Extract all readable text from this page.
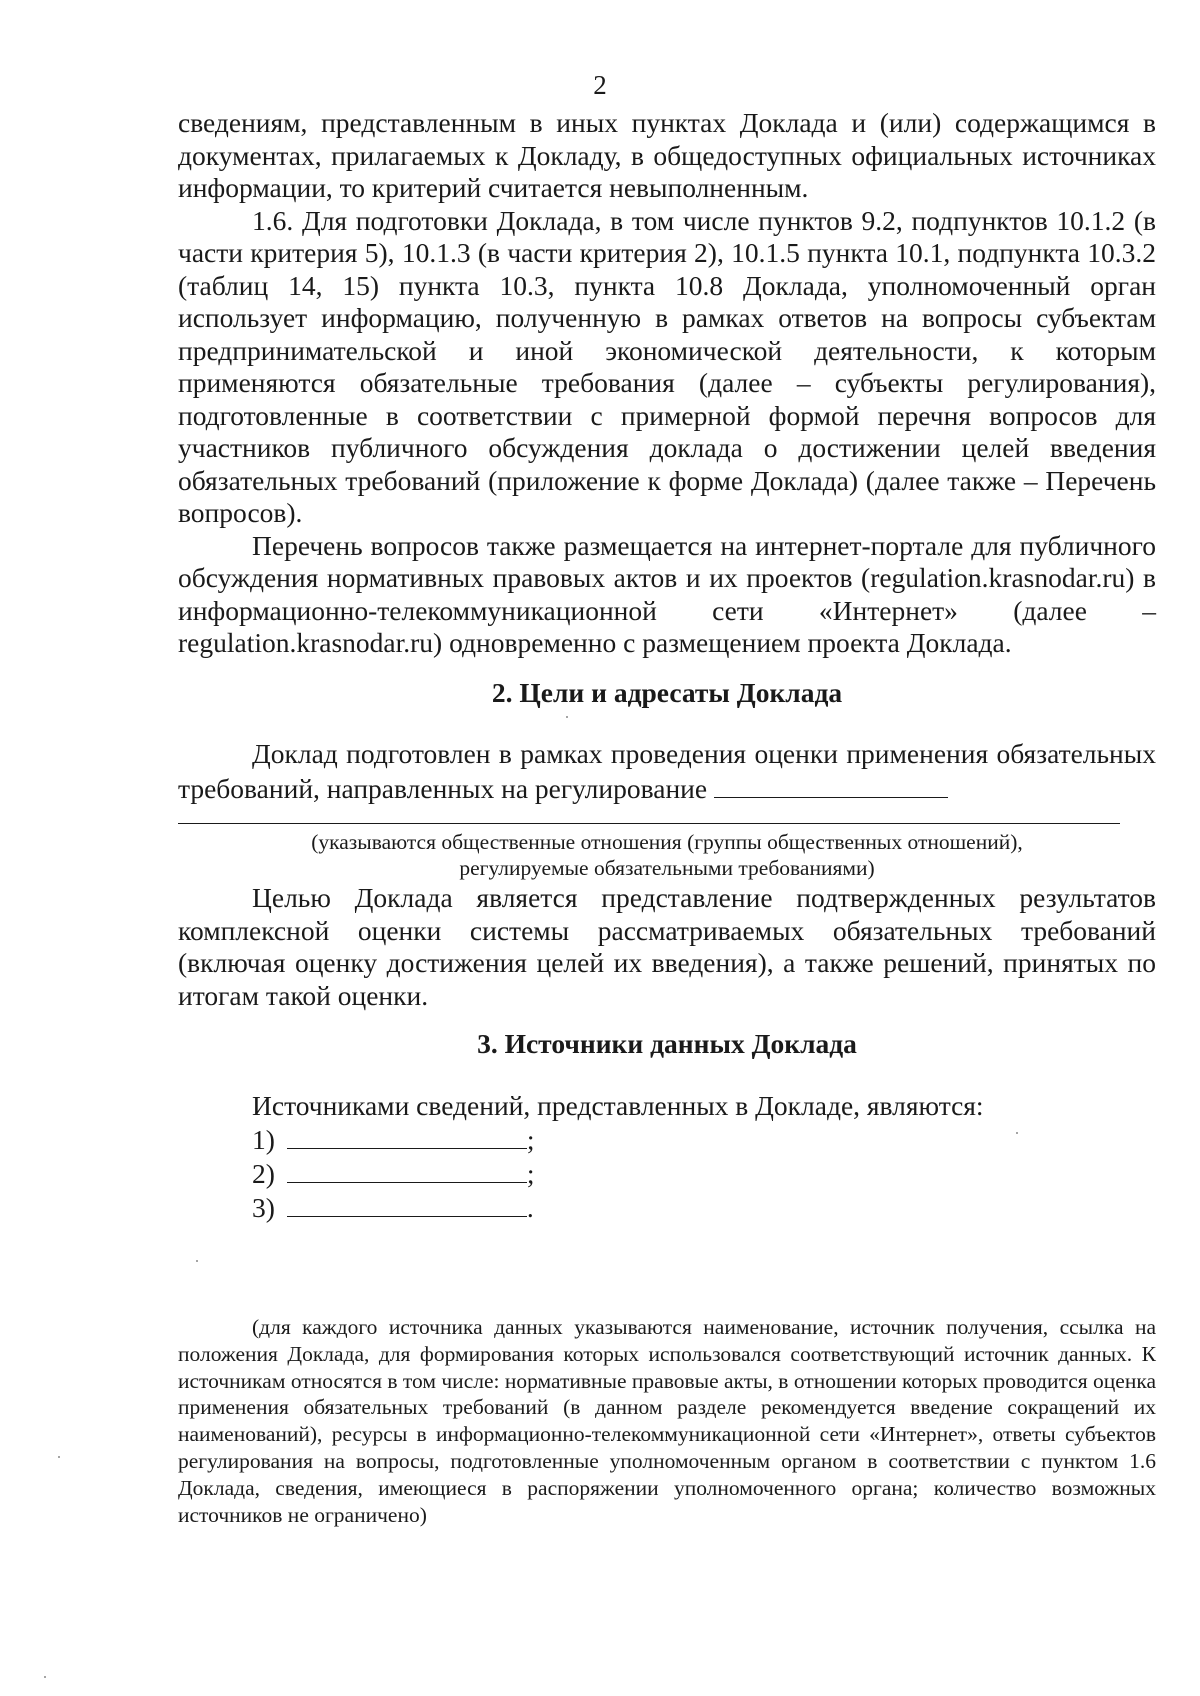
2

сведениям, представленным в иных пунктах Доклада и (или) содержащимся в документах, прилагаемых к Докладу, в общедоступных официальных источниках информации, то критерий считается невыполненным.

1.6. Для подготовки Доклада, в том числе пунктов 9.2, подпунктов 10.1.2 (в части критерия 5), 10.1.3 (в части критерия 2), 10.1.5 пункта 10.1, подпункта 10.3.2 (таблиц 14, 15) пункта 10.3, пункта 10.8 Доклада, уполномоченный орган использует информацию, полученную в рамках ответов на вопросы субъектам предпринимательской и иной экономической деятельности, к которым применяются обязательные требования (далее – субъекты регулирования), подготовленные в соответствии с примерной формой перечня вопросов для участников публичного обсуждения доклада о достижении целей введения обязательных требований (приложение к форме Доклада) (далее также – Перечень вопросов).

Перечень вопросов также размещается на интернет-портале для публичного обсуждения нормативных правовых актов и их проектов (regulation.krasnodar.ru) в информационно-телекоммуникационной сети «Интернет» (далее – regulation.krasnodar.ru) одновременно с размещением проекта Доклада.

2. Цели и адресаты Доклада

Доклад подготовлен в рамках проведения оценки применения обязательных требований, направленных на регулирование

(указываются общественные отношения (группы общественных отношений),
регулируемые обязательными требованиями)

Целью Доклада является представление подтвержденных результатов комплексной оценки системы рассматриваемых обязательных требований (включая оценку достижения целей их введения), а также решений, принятых по итогам такой оценки.

3. Источники данных Доклада
Источниками сведений, представленных в Докладе, являются:
1)	;
2)	;
3)	.

(для каждого источника данных указываются наименование, источник получения, ссылка на положения Доклада, для формирования которых использовался соответствующий источник данных. К источникам относятся в том числе: нормативные правовые акты, в отношении которых проводится оценка применения обязательных требований (в данном разделе рекомендуется введение сокращений их наименований), ресурсы в информационно-телекоммуникационной сети «Интернет», ответы субъектов регулирования на вопросы, подготовленные уполномоченным органом в соответствии с пунктом 1.6 Доклада, сведения, имеющиеся в распоряжении уполномоченного органа; количество возможных источников не ограничено)
